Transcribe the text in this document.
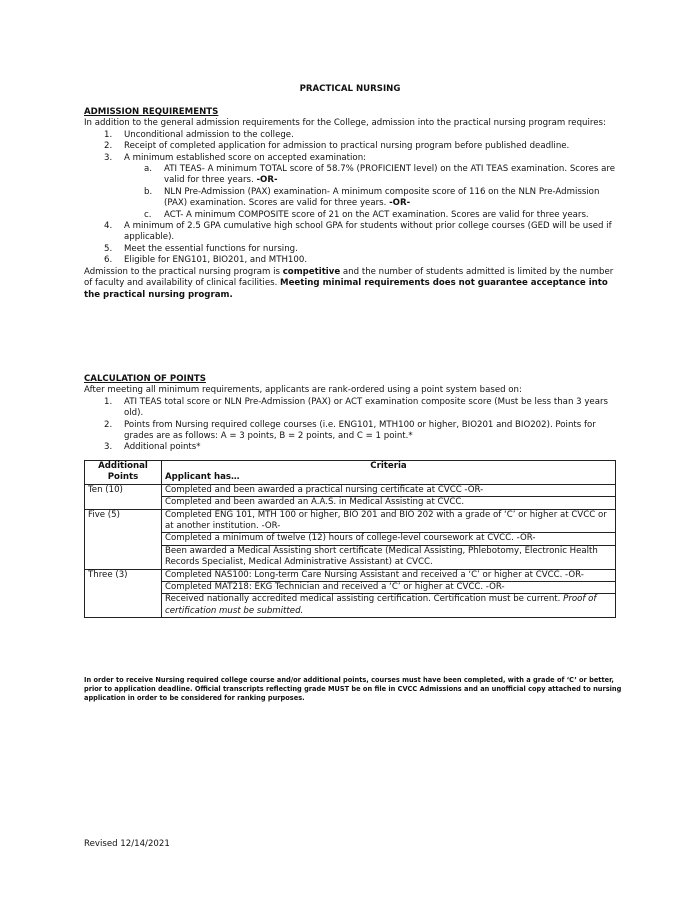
PRACTICAL NURSING
ADMISSION REQUIREMENTS

In addition to the general admission requirements for the College, admission into the practical nursing program requires:

1. Unconditional admission to the college.
2. Receipt of completed application for admission to practical nursing program before published deadline.
3. A minimum established score on accepted examination:
a. ATI TEAS- A minimum TOTAL score of 58.7% (PROFICIENT level) on the ATI TEAS examination. Scores are valid for three years. -OR-
b. NLN Pre-Admission (PAX) examination- A minimum composite score of 116 on the NLN Pre-Admission (PAX) examination. Scores are valid for three years. -OR-
c. ACT- A minimum COMPOSITE score of 21 on the ACT examination. Scores are valid for three years.
4. A minimum of 2.5 GPA cumulative high school GPA for students without prior college courses (GED will be used if applicable).
5. Meet the essential functions for nursing.
6. Eligible for ENG101, BIO201, and MTH100.

Admission to the practical nursing program is competitive and the number of students admitted is limited by the number of faculty and availability of clinical facilities. Meeting minimal requirements does not guarantee acceptance into the practical nursing program.

CALCULATION OF POINTS

After meeting all minimum requirements, applicants are rank-ordered using a point system based on:

1. ATI TEAS total score or NLN Pre-Admission (PAX) or ACT examination composite score (Must be less than 3 years old).
2. Points from Nursing required college courses (i.e. ENG101, MTH100 or higher, BIO201 and BIO202). Points for grades are as follows: A = 3 points, B = 2 points, and C = 1 point.*
3. Additional points*
Additional Points	Criteria
Applicant has…

Ten (10)	Completed and been awarded a practical nursing certificate at CVCC -OR-
	Completed and been awarded an A.A.S. in Medical Assisting at CVCC.
Five (5)	Completed ENG 101, MTH 100 or higher, BIO 201 and BIO 202 with a grade of ‘C’ or higher at CVCC or at another institution. -OR-
	Completed a minimum of twelve (12) hours of college-level coursework at CVCC. -OR-
	Been awarded a Medical Assisting short certificate (Medical Assisting, Phlebotomy, Electronic Health Records Specialist, Medical Administrative Assistant) at CVCC.
Three (3)	Completed NAS100: Long-term Care Nursing Assistant and received a ‘C’ or higher at CVCC. -OR-
	Completed MAT218: EKG Technician and received a ‘C’ or higher at CVCC. -OR-
	Received nationally accredited medical assisting certification. Certification must be current. Proof of certification must be submitted.
In order to receive Nursing required college course and/or additional points, courses must have been completed, with a grade of ‘C’ or better, prior to application deadline. Official transcripts reflecting grade MUST be on file in CVCC Admissions and an unofficial copy attached to nursing application in order to be considered for ranking purposes.
Revised 12/14/2021
